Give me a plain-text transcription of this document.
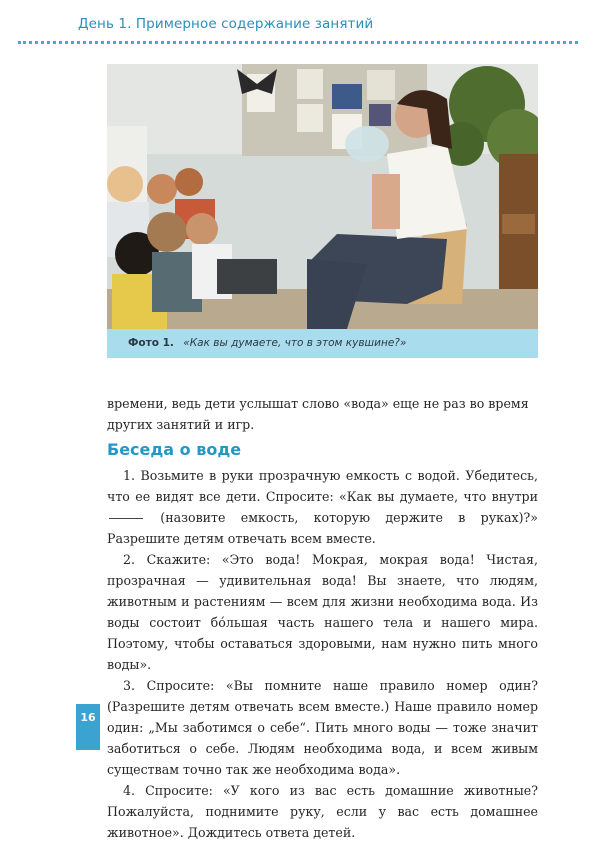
День 1. Примерное содержание занятий
Фото 1. «Как вы думаете, что в этом кувшине?»
времени, ведь дети услышат слово «вода» еще не раз во время других занятий и игр.
Беседа о воде

1. Возьмите в руки прозрачную емкость с водой. Убедитесь, что ее видят все дети. Спросите: «Как вы думаете, что внутри  (назовите емкость, которую держите в руках)?» Разрешите детям отвечать всем вместе.

2. Скажите: «Это вода! Мокрая, мокрая вода! Чистая, прозрачная — удивительная вода! Вы знаете, что людям, животным и растениям — всем для жизни необходима вода. Из воды состоит бо́льшая часть нашего тела и нашего мира. Поэтому, чтобы оставаться здоровыми, нам нужно пить много воды».

3. Спросите: «Вы помните наше правило номер один? (Разрешите детям отвечать всем вместе.) Наше правило номер один: „Мы заботимся о себе“. Пить много воды — тоже значит заботиться о себе. Людям необходима вода, и всем живым существам точно так же необходима вода».

4. Спросите: «У кого из вас есть домашние животные? Пожалуйста, поднимите руку, если у вас есть домашнее животное». Дождитесь ответа детей.

16
